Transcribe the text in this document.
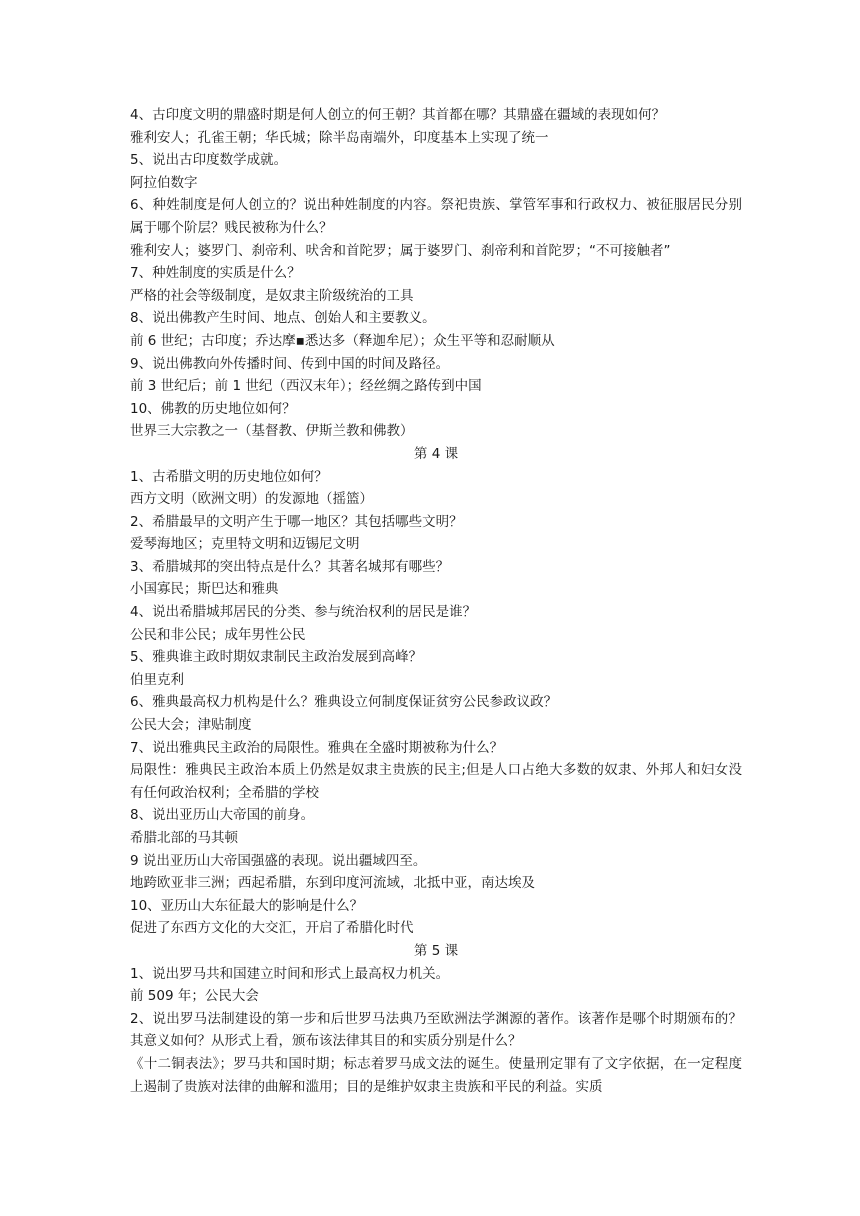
4、古印度文明的鼎盛时期是何人创立的何王朝？其首都在哪？其鼎盛在疆域的表现如何？
雅利安人；孔雀王朝；华氏城；除半岛南端外，印度基本上实现了统一
5、说出古印度数学成就。
阿拉伯数字
6、种姓制度是何人创立的？说出种姓制度的内容。祭祀贵族、掌管军事和行政权力、被征服居民分别属于哪个阶层？贱民被称为什么？
雅利安人；婆罗门、刹帝利、吠舍和首陀罗；属于婆罗门、刹帝利和首陀罗；“不可接触者”
7、种姓制度的实质是什么？
严格的社会等级制度，是奴隶主阶级统治的工具
8、说出佛教产生时间、地点、创始人和主要教义。
前 6 世纪；古印度；乔达摩▪悉达多（释迦牟尼）；众生平等和忍耐顺从
9、说出佛教向外传播时间、传到中国的时间及路径。
前 3 世纪后；前 1 世纪（西汉末年）；经丝绸之路传到中国
10、佛教的历史地位如何？
世界三大宗教之一（基督教、伊斯兰教和佛教）
第 4 课
1、古希腊文明的历史地位如何？
西方文明（欧洲文明）的发源地（摇篮）
2、希腊最早的文明产生于哪一地区？其包括哪些文明？
爱琴海地区；克里特文明和迈锡尼文明
3、希腊城邦的突出特点是什么？其著名城邦有哪些？
小国寡民；斯巴达和雅典
4、说出希腊城邦居民的分类、参与统治权利的居民是谁？
公民和非公民；成年男性公民
5、雅典谁主政时期奴隶制民主政治发展到高峰？
伯里克利
6、雅典最高权力机构是什么？雅典设立何制度保证贫穷公民参政议政？
公民大会；津贴制度
7、说出雅典民主政治的局限性。雅典在全盛时期被称为什么？
局限性：雅典民主政治本质上仍然是奴隶主贵族的民主;但是人口占绝大多数的奴隶、外邦人和妇女没有任何政治权利；全希腊的学校
8、说出亚历山大帝国的前身。
希腊北部的马其顿
9 说出亚历山大帝国强盛的表现。说出疆域四至。
地跨欧亚非三洲；西起希腊，东到印度河流域，北抵中亚，南达埃及
10、亚历山大东征最大的影响是什么？
促进了东西方文化的大交汇，开启了希腊化时代
第 5 课
1、说出罗马共和国建立时间和形式上最高权力机关。
前 509 年；公民大会
2、说出罗马法制建设的第一步和后世罗马法典乃至欧洲法学渊源的著作。该著作是哪个时期颁布的？其意义如何？从形式上看，颁布该法律其目的和实质分别是什么？
《十二铜表法》；罗马共和国时期；标志着罗马成文法的诞生。使量刑定罪有了文字依据，在一定程度上遏制了贵族对法律的曲解和滥用；目的是维护奴隶主贵族和平民的利益。实质
